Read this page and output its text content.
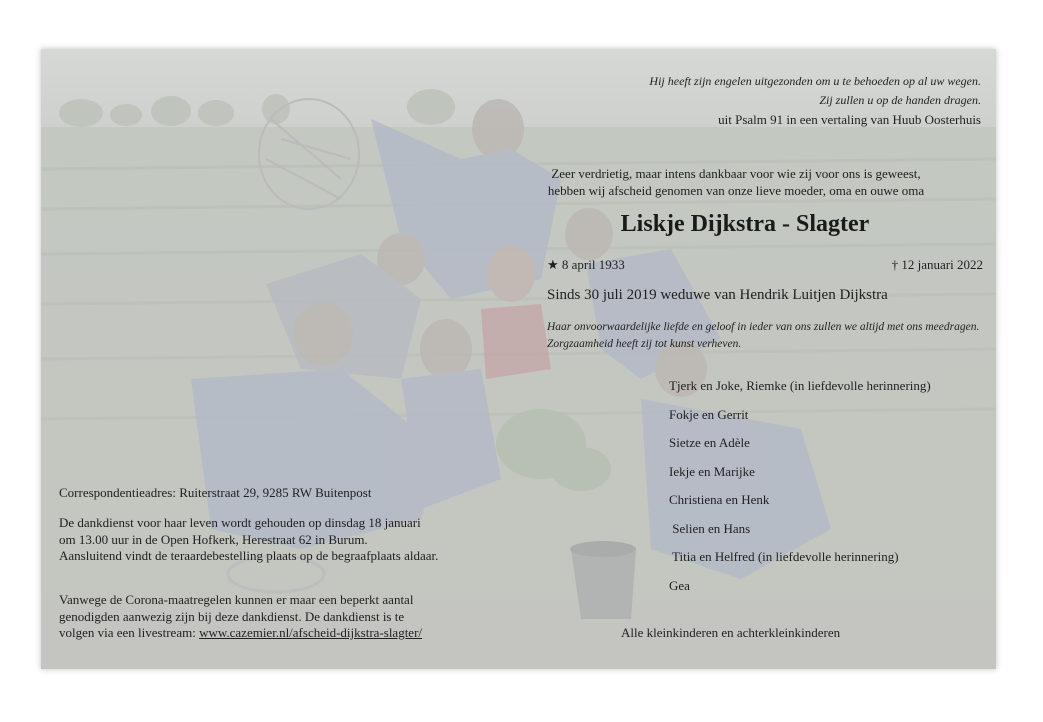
Hij heeft zijn engelen uitgezonden om u te behoeden op al uw wegen.
Zij zullen u op de handen dragen.
uit Psalm 91 in een vertaling van Huub Oosterhuis
Zeer verdrietig, maar intens dankbaar voor wie zij voor ons is geweest,
hebben wij afscheid genomen van onze lieve moeder, oma en ouwe oma
Liskje Dijkstra - Slagter
★ 8 april 1933	† 12 januari 2022
Sinds 30 juli 2019 weduwe van Hendrik Luitjen Dijkstra
Haar onvoorwaardelijke liefde en geloof in ieder van ons zullen we altijd met ons meedragen.
Zorgzaamheid heeft zij tot kunst verheven.
Tjerk en Joke, Riemke (in liefdevolle herinnering)
Fokje en Gerrit
Sietze en Adèle
Iekje en Marijke
Christiena en Henk
Selien en Hans
Titia en Helfred (in liefdevolle herinnering)
Gea
Alle kleinkinderen en achterkleinkinderen
Correspondentieadres: Ruiterstraat 29, 9285 RW Buitenpost
De dankdienst voor haar leven wordt gehouden op dinsdag 18 januari
om 13.00 uur in de Open Hofkerk, Herestraat 62 in Burum.
Aansluitend vindt de teraardebestelling plaats op de begraafplaats aldaar.
Vanwege de Corona-maatregelen kunnen er maar een beperkt aantal
genodigden aanwezig zijn bij deze dankdienst. De dankdienst is te
volgen via een livestream: www.cazemier.nl/afscheid-dijkstra-slagter/
